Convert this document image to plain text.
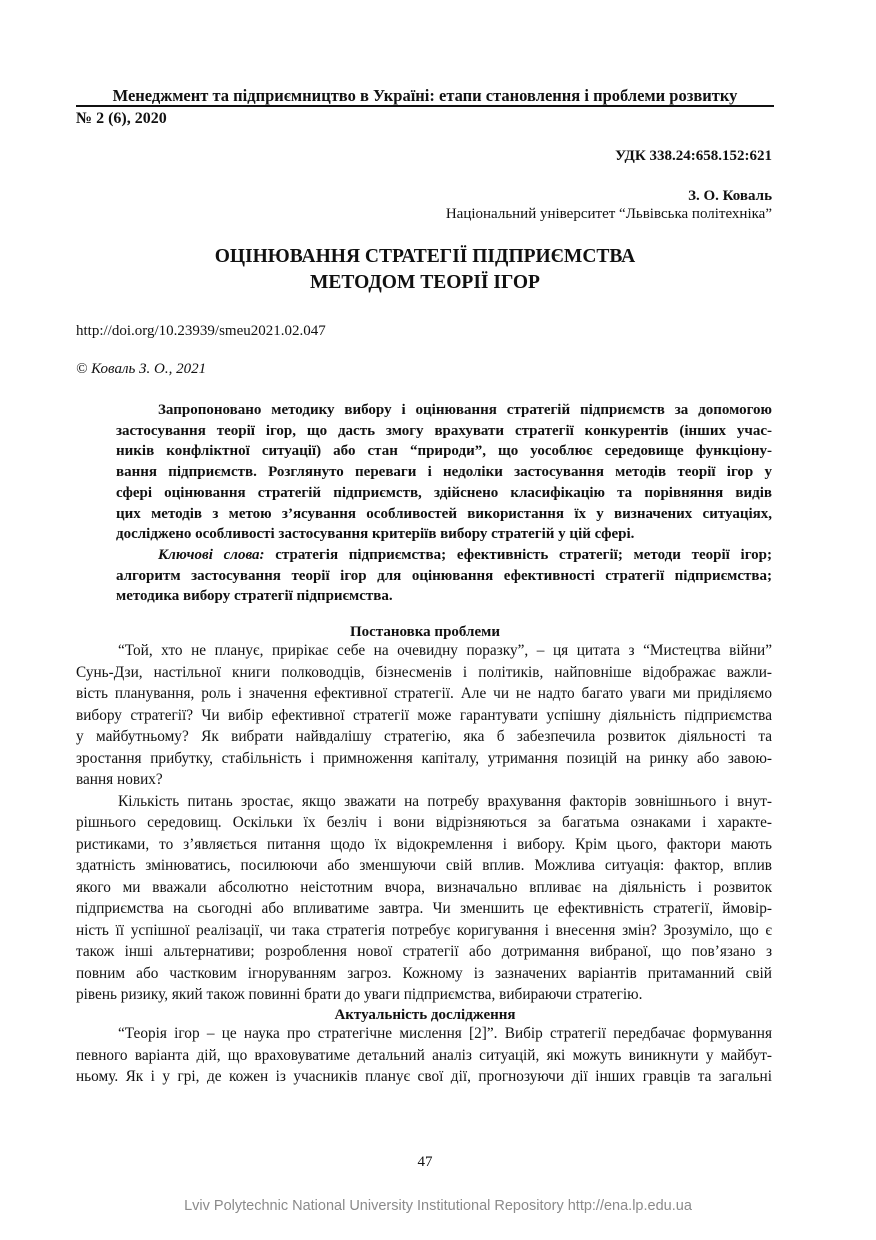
Менеджмент та підприємництво в Україні: етапи становлення і проблеми розвитку
№ 2 (6), 2020
УДК 338.24:658.152:621
З. О. Коваль
Національний університет “Львівська політехніка”
ОЦІНЮВАННЯ СТРАТЕГІЇ ПІДПРИЄМСТВА
МЕТОДОМ ТЕОРІЇ ІГОР
http://doi.org/10.23939/smeu2021.02.047
© Коваль З. О., 2021
Запропоновано методику вибору і оцінювання стратегій підприємств за допомогою
застосування теорії ігор, що дасть змогу врахувати стратегії конкурентів (інших учас-
ників конфліктної ситуації) або стан “природи”, що уособлює середовище функціону-
вання підприємств. Розглянуто переваги і недоліки застосування методів теорії ігор у
сфері оцінювання стратегій підприємств, здійснено класифікацію та порівняння видів
цих методів з метою з’ясування особливостей використання їх у визначених ситуаціях,
досліджено особливості застосування критеріїв вибору стратегій у цій сфері.
Ключові слова: стратегія підприємства; ефективність стратегії; методи теорії ігор;
алгоритм застосування теорії ігор для оцінювання ефективності стратегії підприємства;
методика вибору стратегії підприємства.
Постановка проблеми
“Той, хто не планує, прирікає себе на очевидну поразку”, – ця цитата з “Мистецтва війни”
Сунь-Дзи, настільної книги полководців, бізнесменів і політиків, найповніше відображає важли-
вість планування, роль і значення ефективної стратегії. Але чи не надто багато уваги ми приділяємо
вибору стратегії? Чи вибір ефективної стратегії може гарантувати успішну діяльність підприємства
у майбутньому? Як вибрати найвдалішу стратегію, яка б забезпечила розвиток діяльності та
зростання прибутку, стабільність і примноження капіталу, утримання позицій на ринку або завою-
вання нових?
Кількість питань зростає, якщо зважати на потребу врахування факторів зовнішнього і внут-
рішнього середовищ. Оскільки їх безліч і вони відрізняються за багатьма ознаками і характе-
ристиками, то з’являється питання щодо їх відокремлення і вибору. Крім цього, фактори мають
здатність змінюватись, посилюючи або зменшуючи свій вплив. Можлива ситуація: фактор, вплив
якого ми вважали абсолютно неістотним вчора, визначально впливає на діяльність і розвиток
підприємства на сьогодні або впливатиме завтра. Чи зменшить це ефективність стратегії, ймовір-
ність її успішної реалізації, чи така стратегія потребує коригування і внесення змін? Зрозуміло, що є
також інші альтернативи; розроблення нової стратегії або дотримання вибраної, що пов’язано з
повним або частковим ігноруванням загроз. Кожному із зазначених варіантів притаманний свій
рівень ризику, який також повинні брати до уваги підприємства, вибираючи стратегію.
Актуальність дослідження
“Теорія ігор – це наука про стратегічне мислення [2]”. Вибір стратегії передбачає формування
певного варіанта дій, що враховуватиме детальний аналіз ситуацій, які можуть виникнути у майбут-
ньому. Як і у грі, де кожен із учасників планує свої дії, прогнозуючи дії інших гравців та загальні
47
Lviv Polytechnic National University Institutional Repository http://ena.lp.edu.ua
